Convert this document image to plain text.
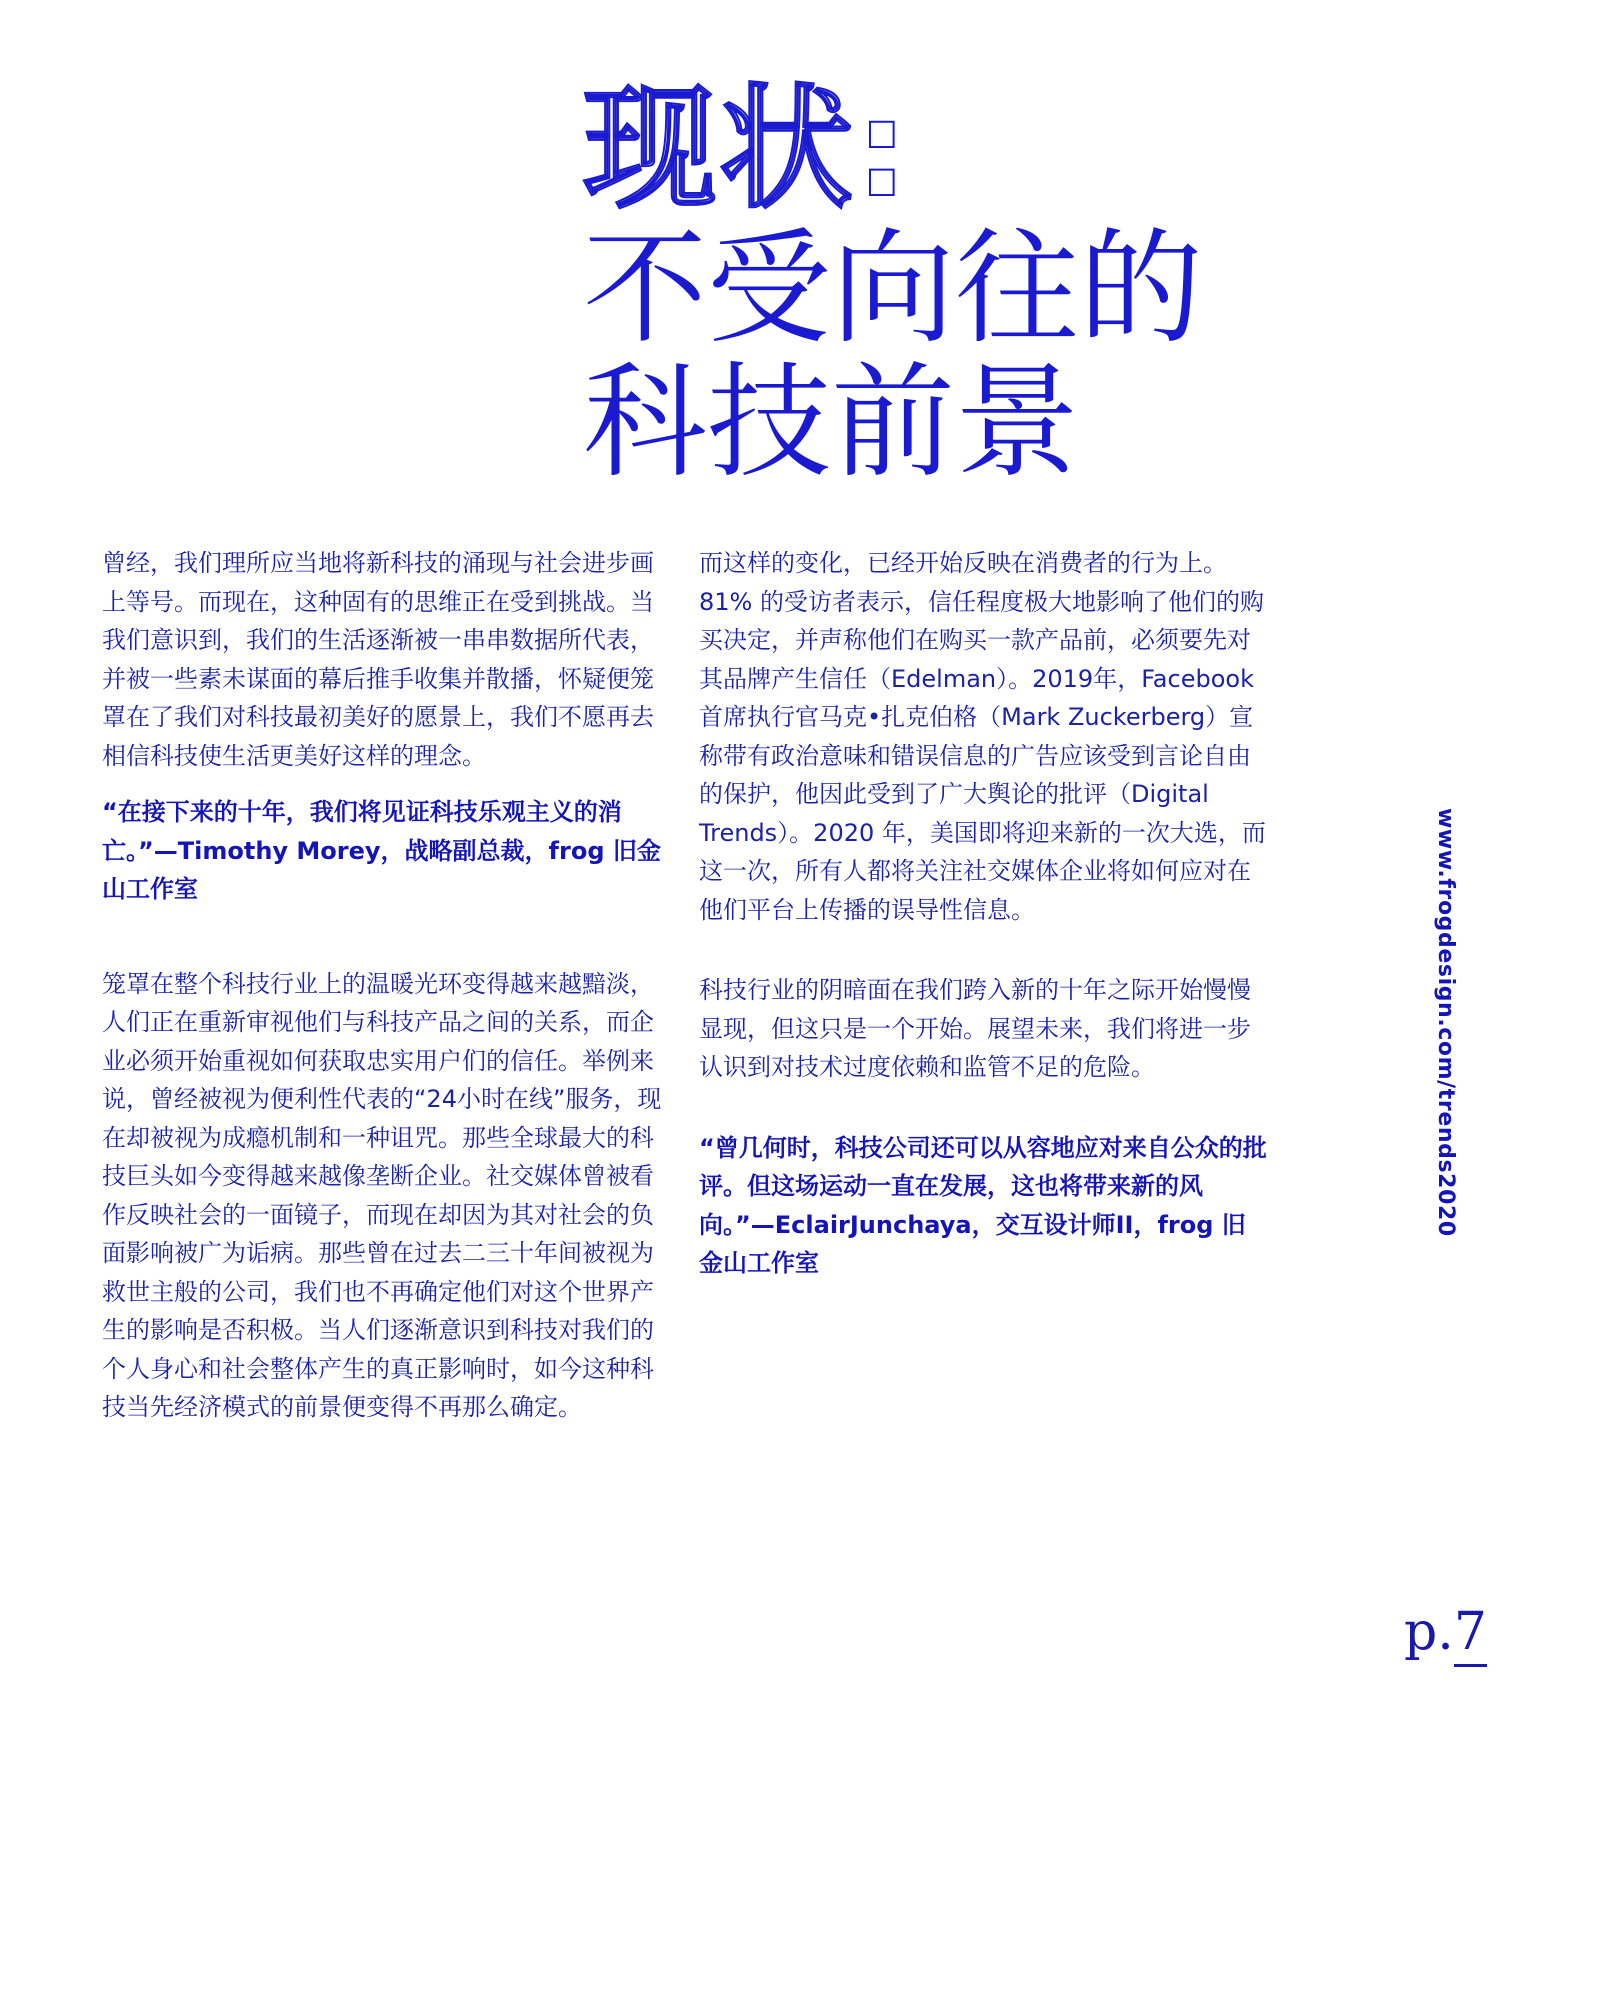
现状:
不受向往的
科技前景

曾经，我们理所应当地将新科技的涌现与社会进步画上等号。而现在，这种固有的思维正在受到挑战。当我们意识到，我们的生活逐渐被一串串数据所代表，并被一些素未谋面的幕后推手收集并散播，怀疑便笼罩在了我们对科技最初美好的愿景上，我们不愿再去相信科技使生活更美好这样的理念。

“在接下来的十年，我们将见证科技乐观主义的消亡。”—Timothy Morey，战略副总裁，frog 旧金山工作室

笼罩在整个科技行业上的温暖光环变得越来越黯淡，人们正在重新审视他们与科技产品之间的关系，而企业必须开始重视如何获取忠实用户们的信任。举例来说，曾经被视为便利性代表的“24小时在线”服务，现在却被视为成瘾机制和一种诅咒。那些全球最大的科技巨头如今变得越来越像垄断企业。社交媒体曾被看作反映社会的一面镜子，而现在却因为其对社会的负面影响被广为诟病。那些曾在过去二三十年间被视为救世主般的公司，我们也不再确定他们对这个世界产生的影响是否积极。当人们逐渐意识到科技对我们的个人身心和社会整体产生的真正影响时，如今这种科技当先经济模式的前景便变得不再那么确定。

而这样的变化，已经开始反映在消费者的行为上。81% 的受访者表示，信任程度极大地影响了他们的购买决定，并声称他们在购买一款产品前，必须要先对其品牌产生信任（Edelman）。2019年，Facebook 首席执行官马克•扎克伯格（Mark Zuckerberg）宣称带有政治意味和错误信息的广告应该受到言论自由的保护，他因此受到了广大舆论的批评（Digital Trends）。2020 年，美国即将迎来新的一次大选，而这一次，所有人都将关注社交媒体企业将如何应对在他们平台上传播的误导性信息。

科技行业的阴暗面在我们跨入新的十年之际开始慢慢显现，但这只是一个开始。展望未来，我们将进一步认识到对技术过度依赖和监管不足的危险。

“曾几何时，科技公司还可以从容地应对来自公众的批评。但这场运动一直在发展，这也将带来新的风向。”—EclairJunchaya，交互设计师II，frog 旧金山工作室

www.frogdesign.com/trends2020
p.7
